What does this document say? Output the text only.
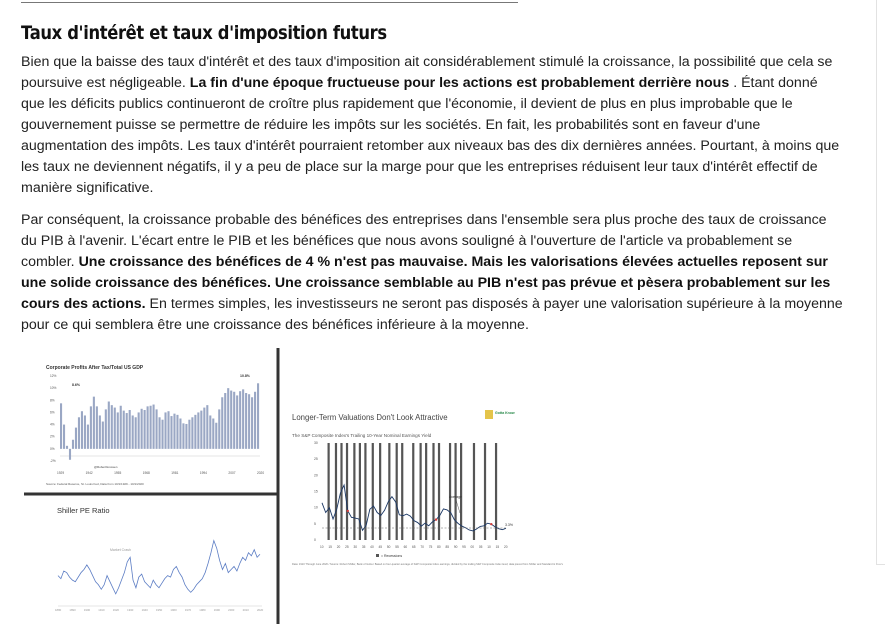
Taux d'intérêt et taux d'imposition futurs

Bien que la baisse des taux d'intérêt et des taux d'imposition ait considérablement stimulé la croissance, la possibilité que cela se poursuive est négligeable. La fin d'une époque fructueuse pour les actions est probablement derrière nous . Étant donné que les déficits publics continueront de croître plus rapidement que l'économie, il devient de plus en plus improbable que le gouvernement puisse se permettre de réduire les impôts sur les sociétés. En fait, les probabilités sont en faveur d'une augmentation des impôts. Les taux d'intérêt pourraient retomber aux niveaux bas des dix dernières années. Pourtant, à moins que les taux ne deviennent négatifs, il y a peu de place sur la marge pour que les entreprises réduisent leur taux d'intérêt effectif de manière significative.

Par conséquent, la croissance probable des bénéfices des entreprises dans l'ensemble sera plus proche des taux de croissance du PIB à l'avenir. L'écart entre le PIB et les bénéfices que nous avons souligné à l'ouverture de l'article va probablement se combler. Une croissance des bénéfices de 4 % n'est pas mauvaise. Mais les valorisations élevées actuelles reposent sur une solide croissance des bénéfices. Une croissance semblable au PIB n'est pas prévue et pèsera probablement sur les cours des actions. En termes simples, les investisseurs ne seront pas disposés à payer une valorisation supérieure à la moyenne pour ce qui semblera être une croissance des bénéfices inférieure à la moyenne.

Corporate Profits After Tax/Total US GDP
12%
10%
8%
6%
4%
2%
0%
-2%
1929	1942	1955	1968	1981	1994	2007	2020
10.8%
8.6%
@RobertGrossen
Source: Federal Reserve, St. Louis Fed, Data from 10/1/1929 - 10/1/2020
Shiller PE Ratio
1880	1890	1900	1910	1920	1930	1940	1950	1960	1970	1980	1990	2000	2010	2020
Market Crash
Longer-Term Valuations Don't Look Attractive	Gotta Know
The S&P Composite Index's Trailing 10-Year Nominal Earnings Yield
30
25
20
15
10
5
0
10 15 20 25 30 35 40 45 50 55 60 65 70 75 80 85 90 95 00 05 10 15 20
Average
3.3%
= Recessions
Data: 1910 Through June 2020 / Source: Robert Shiller, Bank of Gotta / Based on four-quarter average of S&P Composite Index earnings, divided by the trailing S&P Composite Index level; data pieced from Shiller and Standard & Poor's
